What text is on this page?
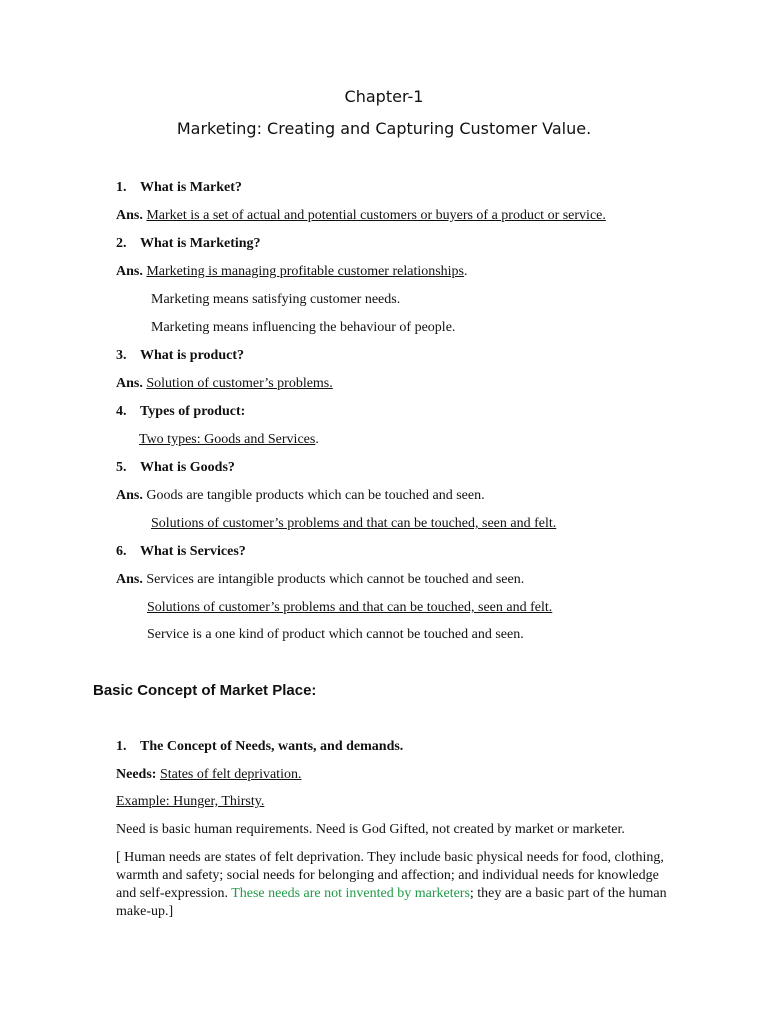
Chapter-1
Marketing: Creating and Capturing Customer Value.
1. What is Market?
Ans. Market is a set of actual and potential customers or buyers of a product or service.
2. What is Marketing?
Ans. Marketing is managing profitable customer relationships.
Marketing means satisfying customer needs.
Marketing means influencing the behaviour of people.
3. What is product?
Ans. Solution of customer’s problems.
4. Types of product:
Two types: Goods and Services.
5. What is Goods?
Ans. Goods are tangible products which can be touched and seen.
Solutions of customer’s problems and that can be touched, seen and felt.
6. What is Services?
Ans. Services are intangible products which cannot be touched and seen.
Solutions of customer’s problems and that can be touched, seen and felt.
Service is a one kind of product which cannot be touched and seen.
Basic Concept of Market Place:
1. The Concept of Needs, wants, and demands.
Needs: States of felt deprivation.
Example: Hunger, Thirsty.
Need is basic human requirements. Need is God Gifted, not created by market or marketer.
[ Human needs are states of felt deprivation. They include basic physical needs for food, clothing, warmth and safety; social needs for belonging and affection; and individual needs for knowledge and self-expression. These needs are not invented by marketers; they are a basic part of the human make-up.]
